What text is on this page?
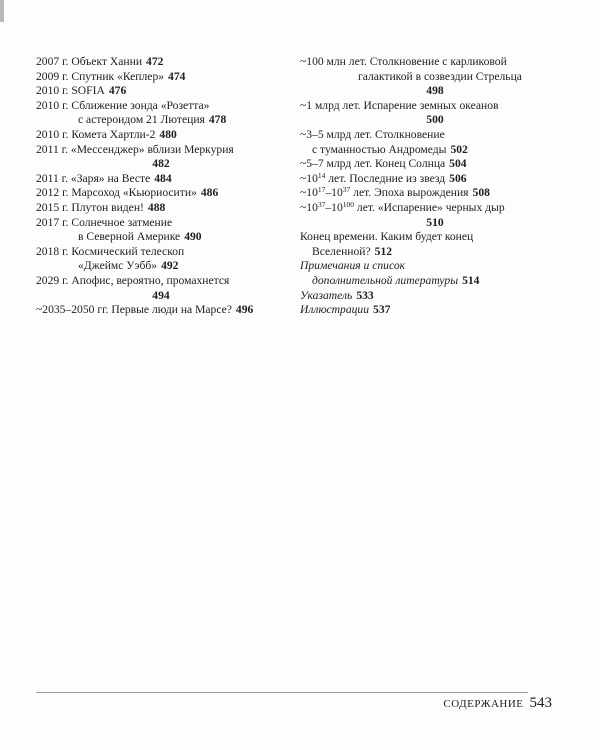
2007 г. Объект Ханни 472
2009 г. Спутник «Кеплер» 474
2010 г. SOFIA 476
2010 г. Сближение зонда «Розетта»
с астероидом 21 Лютеция 478
2010 г. Комета Хартли-2 480
2011 г. «Мессенджер» вблизи Меркурия
482
2011 г. «Заря» на Весте 484
2012 г. Марсоход «Кьюриосити» 486
2015 г. Плутон виден! 488
2017 г. Солнечное затмение
в Северной Америке 490
2018 г. Космический телескоп
«Джеймс Уэбб» 492
2029 г. Апофис, вероятно, промахнется
494
~2035–2050 гг. Первые люди на Марсе? 496
~100 млн лет. Столкновение с карликовой
галактикой в созвездии Стрельца
498
~1 млрд лет. Испарение земных океанов
500
~3–5 млрд лет. Столкновение
с туманностью Андромеды 502
~5–7 млрд лет. Конец Солнца 504
$\sim 10^{14}$ лет. Последние из звезд 506
$\sim 10^{17}-10^{37}$ лет. Эпоха вырождения 508
$\sim 10^{37}-10^{100}$ лет. «Испарение» черных дыр
510
Конец времени. Каким будет конец
Вселенной? 512
Примечания и список
дополнительной литературы 514
Указатель 533
Иллюстрации 537
СОДЕРЖАНИЕ 543
